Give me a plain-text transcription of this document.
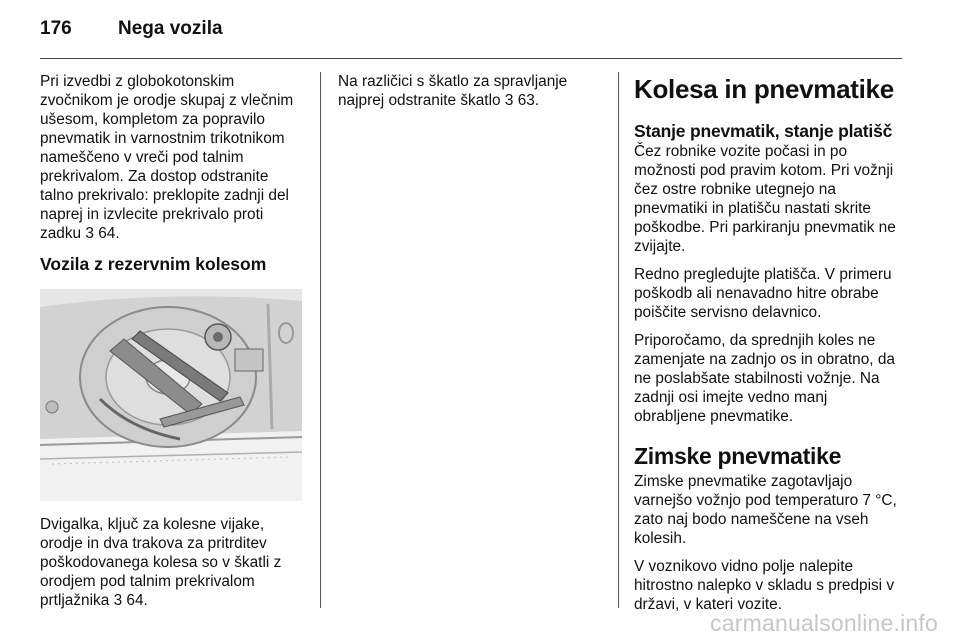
176	Nega vozila

Pri izvedbi z globokotonskim zvočnikom je orodje skupaj z vlečnim ušesom, kompletom za popravilo pnevmatik in varnostnim trikotnikom nameščeno v vreči pod talnim prekrivalom. Za dostop odstranite talno prekrivalo: preklopite zadnji del naprej in izvlecite prekrivalo proti zadku 3 64.

Vozila z rezervnim kolesom

Dvigalka, ključ za kolesne vijake, orodje in dva trakova za pritrditev poškodovanega kolesa so v škatli z orodjem pod talnim prekrivalom prtljažnika 3 64.

Na različici s škatlo za spravljanje najprej odstranite škatlo 3 63.	Kolesa in pnevmatike
Stanje pnevmatik, stanje platišč

Čez robnike vozite počasi in po možnosti pod pravim kotom. Pri vožnji čez ostre robnike utegnejo na pnevmatiki in platišču nastati skrite poškodbe. Pri parkiranju pnevmatik ne zvijajte.

Redno pregledujte platišča. V primeru poškodb ali nenavadno hitre obrabe poiščite servisno delavnico.

Priporočamo, da sprednjih koles ne zamenjate na zadnjo os in obratno, da ne poslabšate stabilnosti vožnje. Na zadnji osi imejte vedno manj obrabljene pnevmatike.

Zimske pnevmatike

Zimske pnevmatike zagotavljajo varnejšo vožnjo pod temperaturo 7 °C, zato naj bodo nameščene na vseh kolesih.

V voznikovo vidno polje nalepite hitrostno nalepko v skladu s predpisi v državi, v kateri vozite.

carmanualsonline.info
